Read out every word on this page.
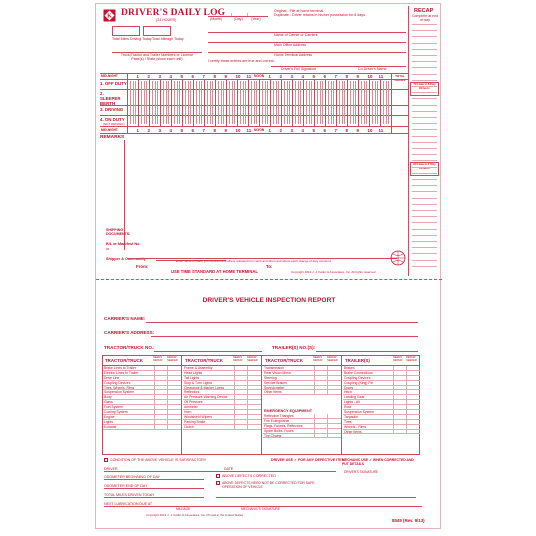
K DRIVER'S DAILY LOG
(24 HOURS)
/	/
(Month)	(Day) (Year)
Original - File at home terminal.
Duplicate - Driver retains in his/her possession for 8 days.
RECAP
Complete at end of day
Total Miles Driving Today Total Mileage Today
Name of Carrier or Carriers
Main Office Address
Home Terminal Address
Truck/Tractor and Trailer Numbers or License Plate(s) / State (show each unit)	I certify these entries are true and correct:
Driver's Full Signature	Co-Driver's Name
MID-NIGHT	TOTAL HOURS
1. OFF DUTY
2. SLEEPER BERTH
3. DRIVING
4. ON DUTY
(NOT DRIVING)
MID-NIGHT
REMARKS
1 2 3 4 5 6 7 8 9 10 11 NOON 1 2 3 4 5 6 7 8 9 10 11
1 2 3 4 5 6 7 8 9 10 11 NOON 1 2 3 4 5 6 7 8 9 10 11
SHIPPING DOCUMENTS:
B/L or Manifest No.
or
Shipper & Commodity
From:	To:
Enter name of place you reported and where released from work and when and where each change of duty occurred.
USE TIME STANDARD AT HOME TERMINAL	Copyright 2013 J. J. Keller & Associates, Inc. All rights reserved
70 Hours/ 8 Day Drivers
60 Hours/ 7 Day Drivers
DRIVER'S VEHICLE INSPECTION REPORT
CARRIER'S NAME:
CARRIER'S ADDRESS:
TRACTOR/TRUCK NO.:	TRAILER(S) NO.(S):
TRACTOR/TRUCK	TRACTOR/TRUCK	TRACTOR/TRUCK	TRAILER(S)
NEEDS REPAIR
REPAIR NEEDED
NEEDS REPAIR
REPAIR NEEDED
NEEDS REPAIR
REPAIR NEEDED
NEEDS REPAIR
REPAIR NEEDED
Brake Lines to Trailer
Electric Lines to Trailer
Drive Line
Coupling Devices
Tires, Wheels, Rims
Suspension System
Body
Glass
Fuel System
Cooling System
Engine
Lights
Exhaust
Frame & Assembly
Head Lights
Tail Lights
Stop & Turn Lights
Clearance & Marker Lights
Reflectors
Air Pressure Warning Device
Oil Pressure
Ammeter
Horn
Windshield Wipers
Parking Brake
Clutch
Transmission
Rear Vision Mirror
Steering
Service Brakes
Speedometer
Other Items
EMERGENCY EQUIPMENT
Reflective Triangles
Fire Extinguisher
Flags, Fusees, Reflectors
Spare Bulbs, Fuses
Tire Chains
Brakes
Brake Connections
Coupling Devices
Coupling (King) Pin
Doors
Hitch
Landing Gear
Lights - All
Roof
Suspension System
Tarpaulin
Tires
Wheels - Rims
Other Items
CONDITION OF THE ABOVE VEHICLE IS SATISFACTORY	DRIVER USE ✓ FOR ANY DEFECTIVE ITEM
MECHANIC USE ✓ WHEN CORRECTED AND PUT DETAILS
DRIVER	DATE
ODOMETER BEGINNING OF DAY
ODOMETER END OF DAY
TOTAL MILES DRIVEN TODAY
NEXT LUBRICATION DUE AT
MILEAGE
ABOVE DEFECTS CORRECTED
ABOVE DEFECTS NEED NOT BE CORRECTED FOR SAFE OPERATION OF VEHICLE
MECHANIC'S SIGNATURE
DRIVER'S SIGNATURE
Copyright 2013 J. J. Keller & Associates, Inc. Printed in the United States
8549 (Rev. 9/13)
